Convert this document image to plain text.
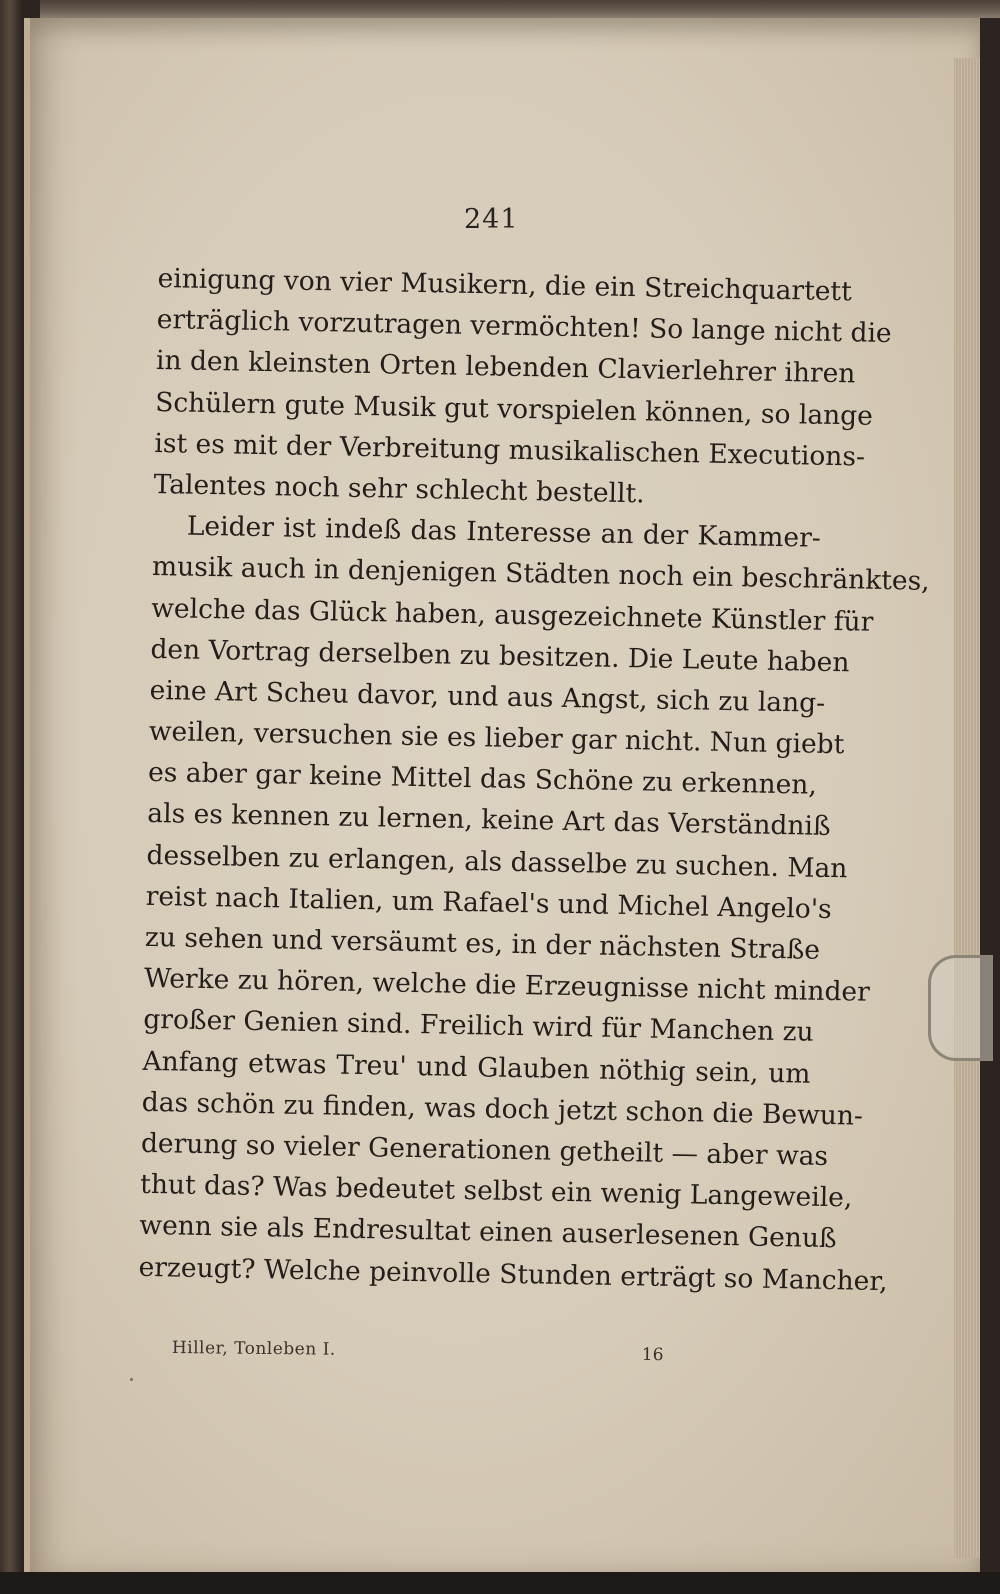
241
einigung von vier Musikern, die ein Streichquartett
erträglich vorzutragen vermöchten! So lange nicht die
in den kleinsten Orten lebenden Clavierlehrer ihren
Schülern gute Musik gut vorspielen können, so lange
ist es mit der Verbreitung musikalischen Executions-
Talentes noch sehr schlecht bestellt.
Leider ist indeß das Interesse an der Kammer-
musik auch in denjenigen Städten noch ein beschränktes,
welche das Glück haben, ausgezeichnete Künstler für
den Vortrag derselben zu besitzen. Die Leute haben
eine Art Scheu davor, und aus Angst, sich zu lang-
weilen, versuchen sie es lieber gar nicht. Nun giebt
es aber gar keine Mittel das Schöne zu erkennen,
als es kennen zu lernen, keine Art das Verständniß
desselben zu erlangen, als dasselbe zu suchen. Man
reist nach Italien, um Rafael's und Michel Angelo's
zu sehen und versäumt es, in der nächsten Straße
Werke zu hören, welche die Erzeugnisse nicht minder
großer Genien sind. Freilich wird für Manchen zu
Anfang etwas Treu' und Glauben nöthig sein, um
das schön zu finden, was doch jetzt schon die Bewun-
derung so vieler Generationen getheilt — aber was
thut das? Was bedeutet selbst ein wenig Langeweile,
wenn sie als Endresultat einen auserlesenen Genuß
erzeugt? Welche peinvolle Stunden erträgt so Mancher,
Hiller, Tonleben I.	16
